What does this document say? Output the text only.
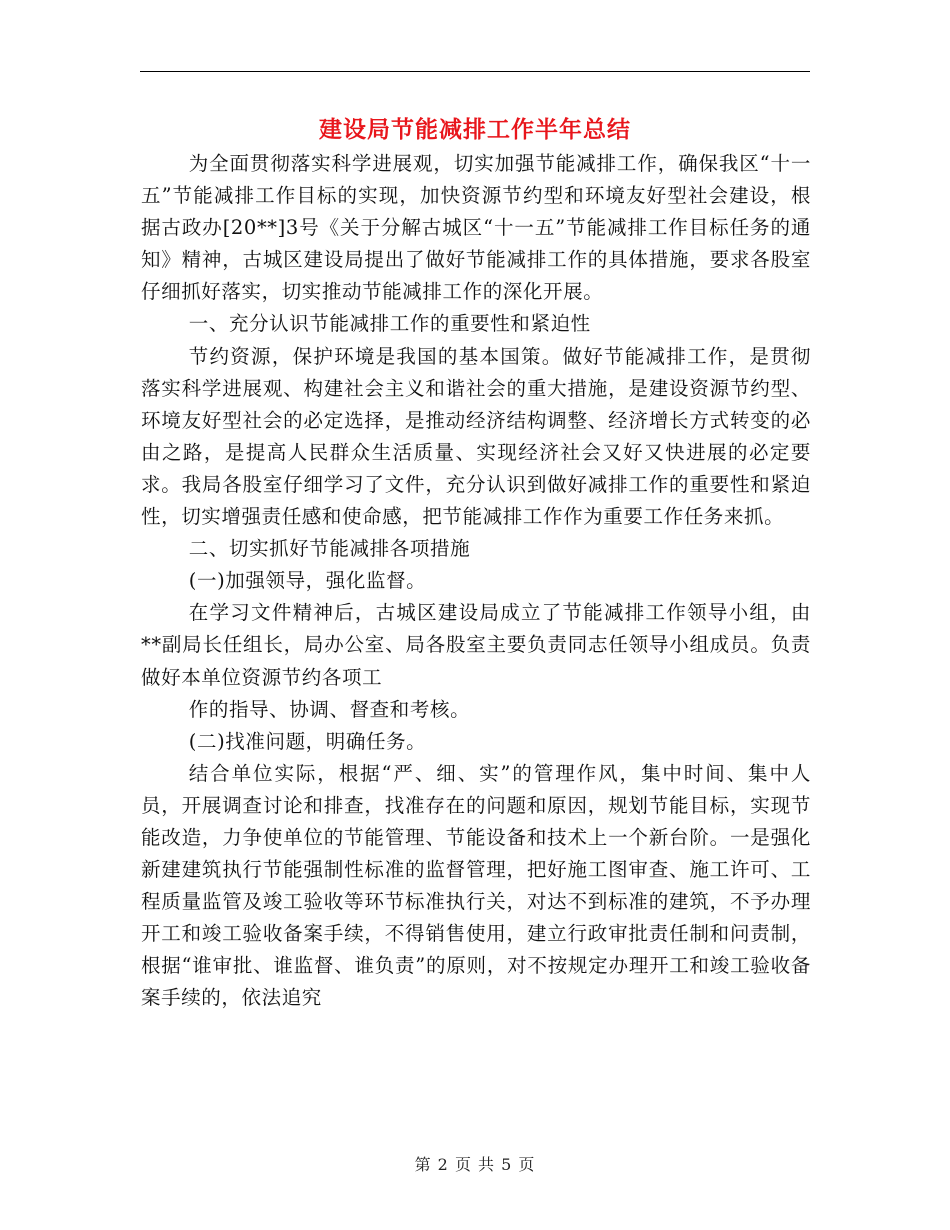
建设局节能减排工作半年总结

为全面贯彻落实科学进展观，切实加强节能减排工作，确保我区“十一五”节能减排工作目标的实现，加快资源节约型和环境友好型社会建设，根据古政办[20**]3号《关于分解古城区“十一五”节能减排工作目标任务的通知》精神，古城区建设局提出了做好节能减排工作的具体措施，要求各股室仔细抓好落实，切实推动节能减排工作的深化开展。

一、充分认识节能减排工作的重要性和紧迫性

节约资源，保护环境是我国的基本国策。做好节能减排工作，是贯彻落实科学进展观、构建社会主义和谐社会的重大措施，是建设资源节约型、环境友好型社会的必定选择，是推动经济结构调整、经济增长方式转变的必由之路，是提高人民群众生活质量、实现经济社会又好又快进展的必定要求。我局各股室仔细学习了文件，充分认识到做好减排工作的重要性和紧迫性，切实增强责任感和使命感，把节能减排工作作为重要工作任务来抓。

二、切实抓好节能减排各项措施

(一)加强领导，强化监督。

在学习文件精神后，古城区建设局成立了节能减排工作领导小组，由**副局长任组长，局办公室、局各股室主要负责同志任领导小组成员。负责做好本单位资源节约各项工

作的指导、协调、督查和考核。

(二)找准问题，明确任务。

结合单位实际，根据“严、细、实”的管理作风，集中时间、集中人员，开展调查讨论和排查，找准存在的问题和原因，规划节能目标，实现节能改造，力争使单位的节能管理、节能设备和技术上一个新台阶。一是强化新建建筑执行节能强制性标准的监督管理，把好施工图审查、施工许可、工程质量监管及竣工验收等环节标准执行关，对达不到标准的建筑，不予办理开工和竣工验收备案手续，不得销售使用，建立行政审批责任制和问责制，根据“谁审批、谁监督、谁负责”的原则，对不按规定办理开工和竣工验收备案手续的，依法追究

第 2 页 共 5 页
